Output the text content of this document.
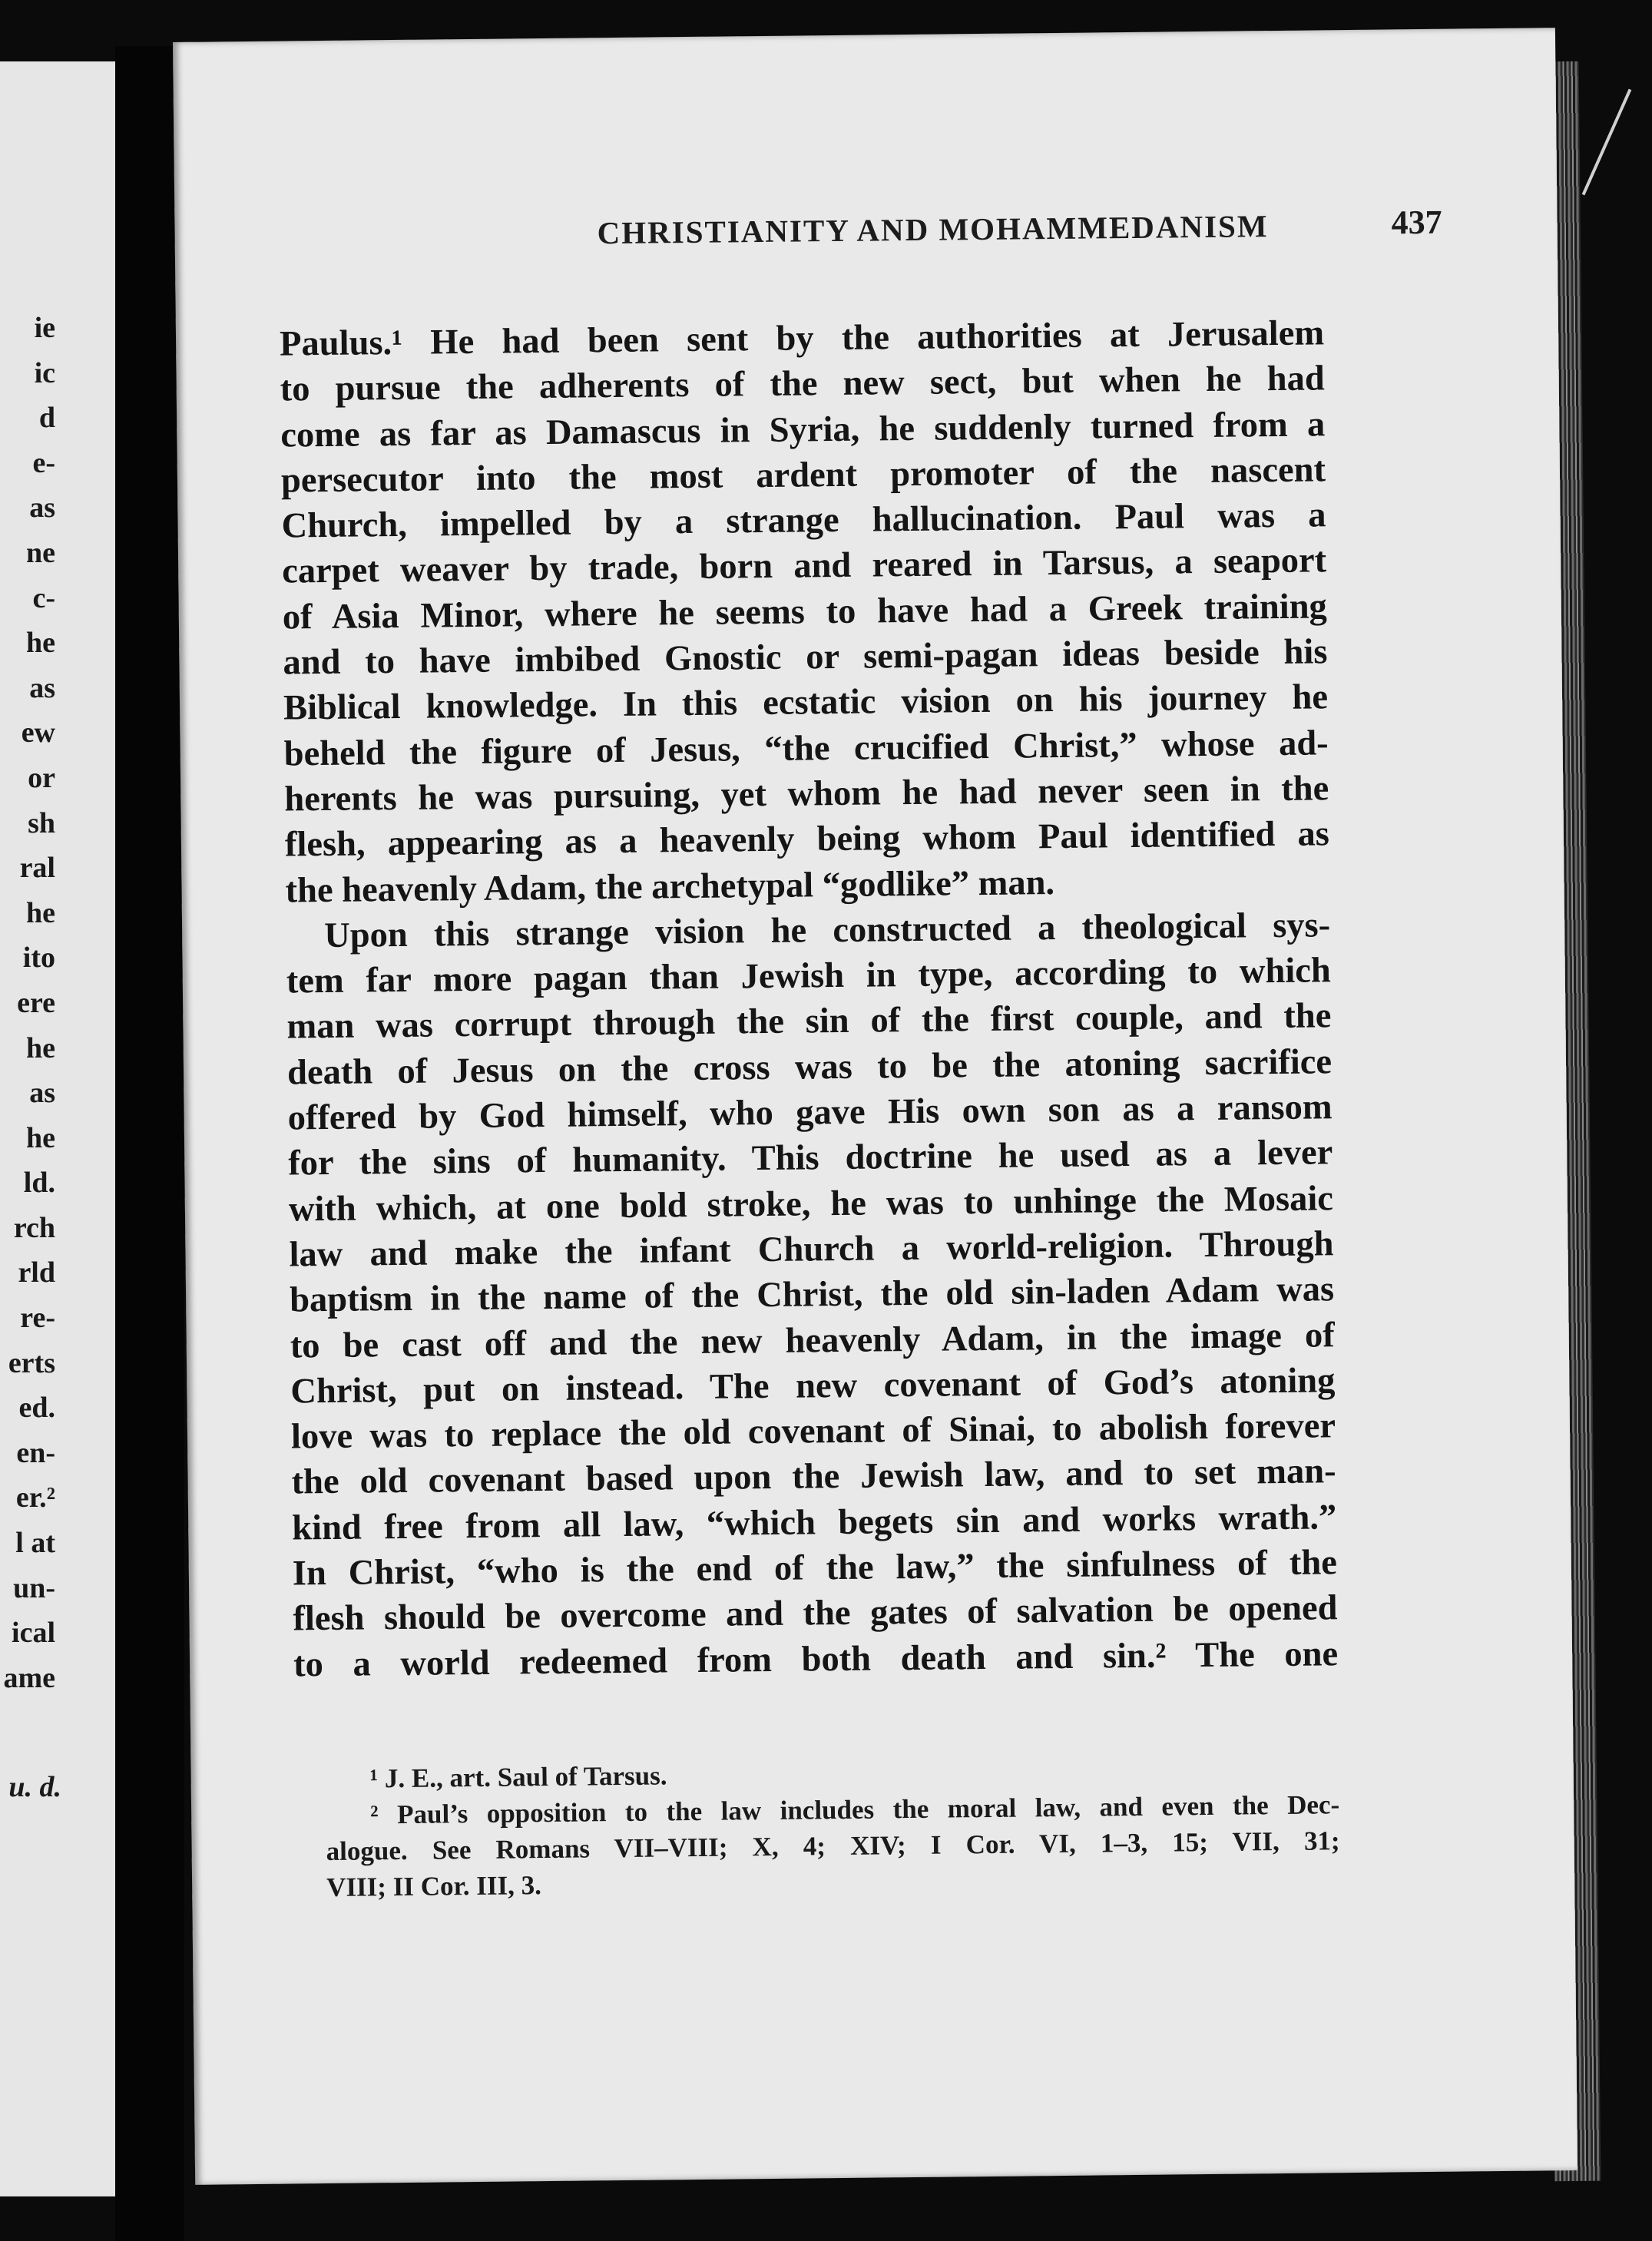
ie
ic
d
e-
as
ne
c-
he
as
ew
or
sh
ral
he
ito
ere
he
as
he
ld.
rch
rld
re-
erts
ed.
en-
er.²
l at
un-
ical
ame
u. d.
CHRISTIANITY AND MOHAMMEDANISM	437
Paulus.¹ He had been sent by the authorities at Jerusalem
to pursue the adherents of the new sect, but when he had
come as far as Damascus in Syria, he suddenly turned from a
persecutor into the most ardent promoter of the nascent
Church, impelled by a strange hallucination. Paul was a
carpet weaver by trade, born and reared in Tarsus, a seaport
of Asia Minor, where he seems to have had a Greek training
and to have imbibed Gnostic or semi-pagan ideas beside his
Biblical knowledge. In this ecstatic vision on his journey he
beheld the figure of Jesus, “the crucified Christ,” whose ad-
herents he was pursuing, yet whom he had never seen in the
flesh, appearing as a heavenly being whom Paul identified as
the heavenly Adam, the archetypal “godlike” man.
Upon this strange vision he constructed a theological sys-
tem far more pagan than Jewish in type, according to which
man was corrupt through the sin of the first couple, and the
death of Jesus on the cross was to be the atoning sacrifice
offered by God himself, who gave His own son as a ransom
for the sins of humanity. This doctrine he used as a lever
with which, at one bold stroke, he was to unhinge the Mosaic
law and make the infant Church a world-religion. Through
baptism in the name of the Christ, the old sin-laden Adam was
to be cast off and the new heavenly Adam, in the image of
Christ, put on instead. The new covenant of God’s atoning
love was to replace the old covenant of Sinai, to abolish forever
the old covenant based upon the Jewish law, and to set man-
kind free from all law, “which begets sin and works wrath.”
In Christ, “who is the end of the law,” the sinfulness of the
flesh should be overcome and the gates of salvation be opened
to a world redeemed from both death and sin.² The one
¹ J. E., art. Saul of Tarsus.
² Paul’s opposition to the law includes the moral law, and even the Dec-
alogue. See Romans VII–VIII; X, 4; XIV; I Cor. VI, 1–3, 15; VII, 31;
VIII; II Cor. III, 3.
